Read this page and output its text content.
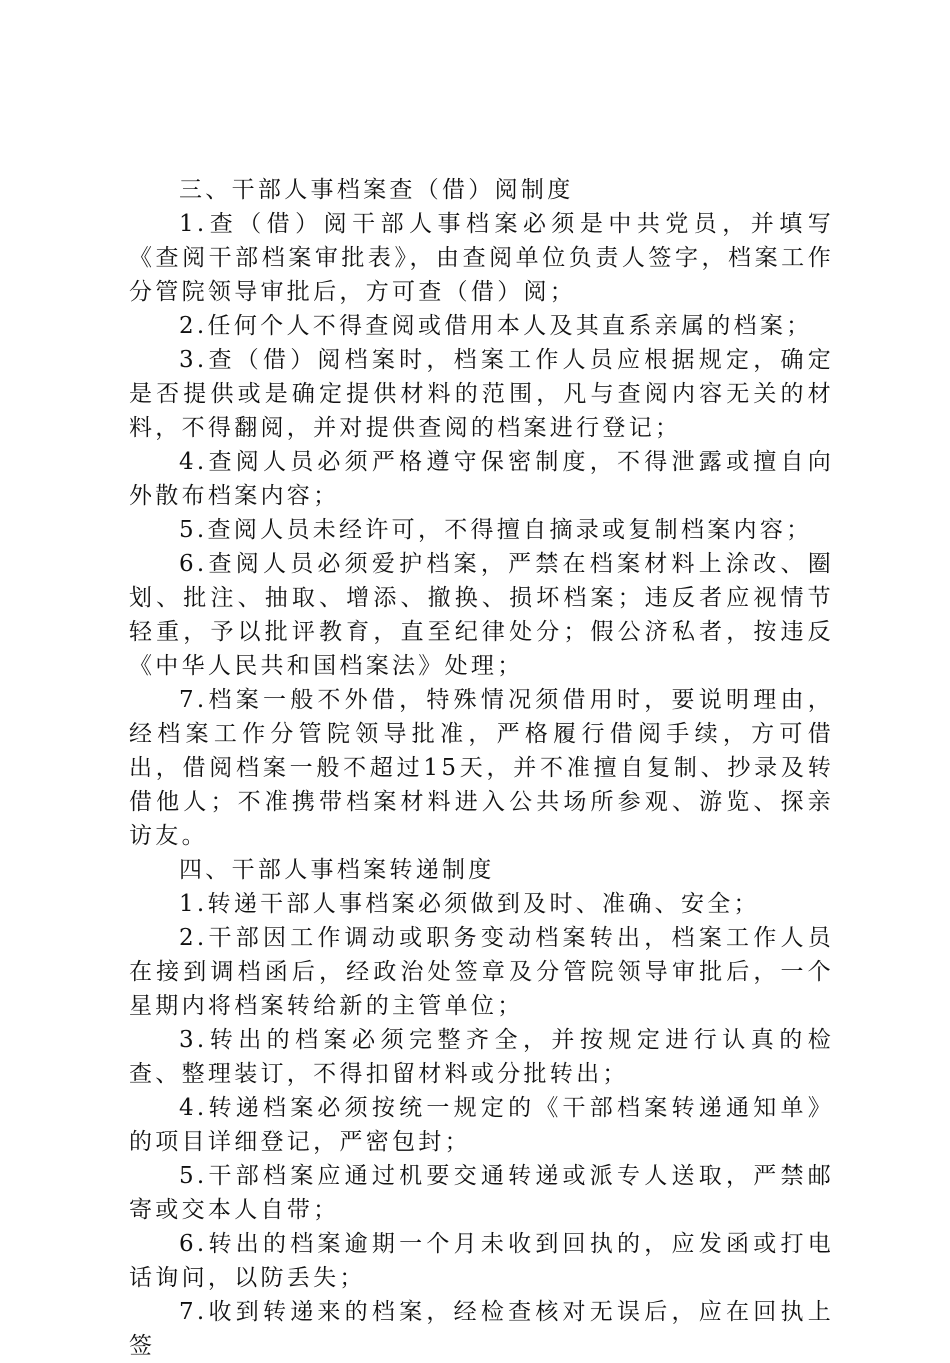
三、干部人事档案查（借）阅制度

1.查（借）阅干部人事档案必须是中共党员，并填写《查阅干部档案审批表》，由查阅单位负责人签字，档案工作分管院领导审批后，方可查（借）阅；

2.任何个人不得查阅或借用本人及其直系亲属的档案；

3.查（借）阅档案时，档案工作人员应根据规定，确定是否提供或是确定提供材料的范围，凡与查阅内容无关的材料，不得翻阅，并对提供查阅的档案进行登记；

4.查阅人员必须严格遵守保密制度，不得泄露或擅自向外散布档案内容；

5.查阅人员未经许可，不得擅自摘录或复制档案内容；

6.查阅人员必须爱护档案，严禁在档案材料上涂改、圈划、批注、抽取、增添、撤换、损坏档案；违反者应视情节轻重，予以批评教育，直至纪律处分；假公济私者，按违反《中华人民共和国档案法》处理；

7.档案一般不外借，特殊情况须借用时，要说明理由，经档案工作分管院领导批准，严格履行借阅手续，方可借出，借阅档案一般不超过15天，并不准擅自复制、抄录及转借他人；不准携带档案材料进入公共场所参观、游览、探亲访友。

四、干部人事档案转递制度

1.转递干部人事档案必须做到及时、准确、安全；

2.干部因工作调动或职务变动档案转出，档案工作人员在接到调档函后，经政治处签章及分管院领导审批后，一个星期内将档案转给新的主管单位；

3.转出的档案必须完整齐全，并按规定进行认真的检查、整理装订，不得扣留材料或分批转出；

4.转递档案必须按统一规定的《干部档案转递通知单》的项目详细登记，严密包封；

5.干部档案应通过机要交通转递或派专人送取，严禁邮寄或交本人自带；

6.转出的档案逾期一个月未收到回执的，应发函或打电话询问，以防丢失；

7.收到转递来的档案，经检查核对无误后，应在回执上签
